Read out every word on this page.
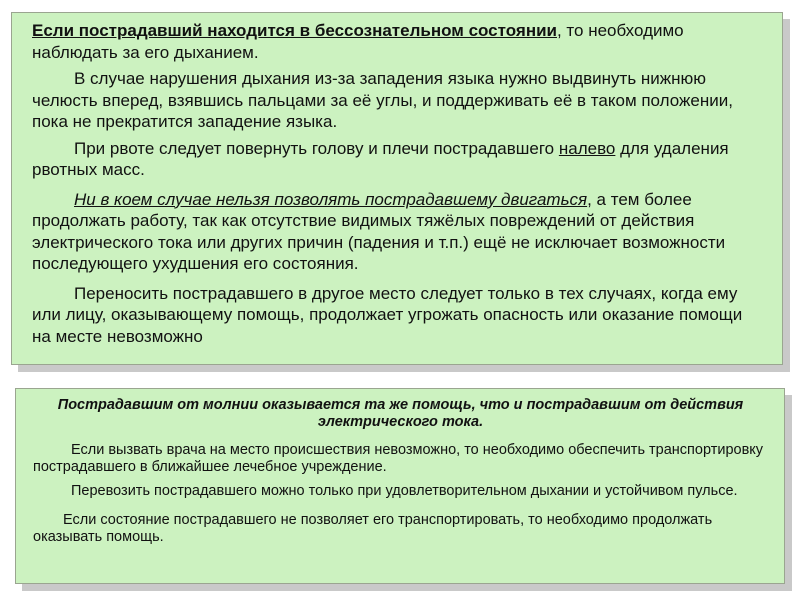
Если пострадавший находится в бессознательном состоянии, то необходимо наблюдать за его дыханием.

В случае нарушения дыхания из-за западения языка нужно выдвинуть нижнюю челюсть вперед, взявшись пальцами за её углы, и поддерживать её в таком положении, пока не прекратится западение языка.

При рвоте следует повернуть голову и плечи пострадавшего налево для удаления рвотных масс.

Ни в коем случае нельзя позволять пострадавшему двигаться, а тем более продолжать работу, так как отсутствие видимых тяжёлых повреждений от действия электрического тока или других причин (падения и т.п.) ещё не исключает возможности последующего ухудшения его состояния.

Переносить пострадавшего в другое место следует только в тех случаях, когда ему или лицу, оказывающему помощь, продолжает угрожать опасность или оказание помощи на месте невозможно

Пострадавшим от молнии оказывается та же помощь, что и пострадавшим от действия электрического тока.

Если вызвать врача на место происшествия невозможно, то необходимо обеспечить транспортировку пострадавшего в ближайшее лечебное учреждение.

Перевозить пострадавшего можно только при удовлетворительном дыхании и устойчивом пульсе.

Если состояние пострадавшего не позволяет его транспортировать, то необходимо продолжать оказывать помощь.
